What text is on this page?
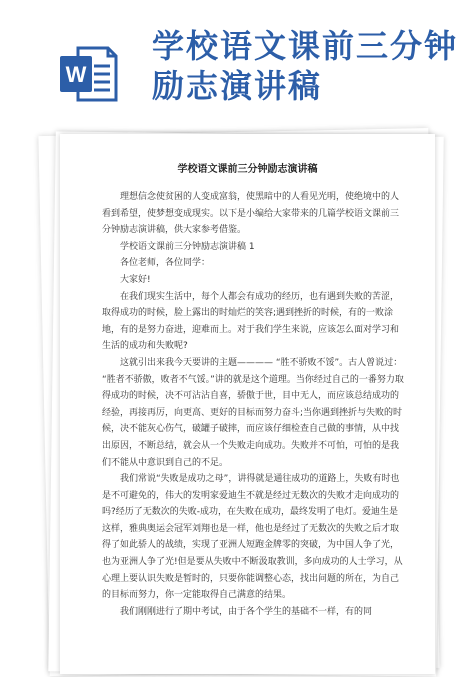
W
学校语文课前三分钟励志演讲稿
学校语文课前三分钟励志演讲稿

理想信念使贫困的人变成富翁，使黑暗中的人看见光明，使绝境中的人看到希望，使梦想变成现实。以下是小编给大家带来的几篇学校语文课前三分钟励志演讲稿，供大家参考借鉴。

学校语文课前三分钟励志演讲稿 1

各位老师，各位同学：

大家好!

在我们现实生活中，每个人都会有成功的经历，也有遇到失败的苦涩，取得成功的时候，脸上露出的时灿烂的笑容;遇到挫折的时候，有的一败涂地，有的是努力奋进，迎难而上。对于我们学生来说，应该怎么面对学习和生活的成功和失败呢?

这就引出来我今天要讲的主题———— “胜不骄败不馁”。古人曾说过： “胜者不骄傲，败者不气馁。”讲的就是这个道理。当你经过自己的一番努力取得成功的时候，决不可沾沾自喜，骄傲于世，目中无人，而应该总结成功的经验，再接再厉，向更高、更好的目标而努力奋斗;当你遇到挫折与失败的时候，决不能灰心伤气，破罐子破摔，而应该仔细检查自己做的事情，从中找出原因，不断总结，就会从一个失败走向成功。失败并不可怕，可怕的是我们不能从中意识到自己的不足。

我们常说“失败是成功之母”，讲得就是通往成功的道路上，失败有时也是不可避免的，伟大的发明家爱迪生不就是经过无数次的失败才走向成功的吗?经历了无数次的失败-成功，在失败在成功，最终发明了电灯。爱迪生是这样，雅典奥运会冠军刘翔也是一样，他也是经过了无数次的失败之后才取得了如此骄人的战绩，实现了亚洲人短跑金牌零的突破，为中国人争了光，也为亚洲人争了光!但是要从失败中不断汲取教训，多向成功的人士学习，从心理上要认识失败是暂时的，只要你能调整心态，找出问题的所在，为自己的目标而努力，你一定能取得自己满意的结果。

我们刚刚进行了期中考试，由于各个学生的基础不一样，有的同
